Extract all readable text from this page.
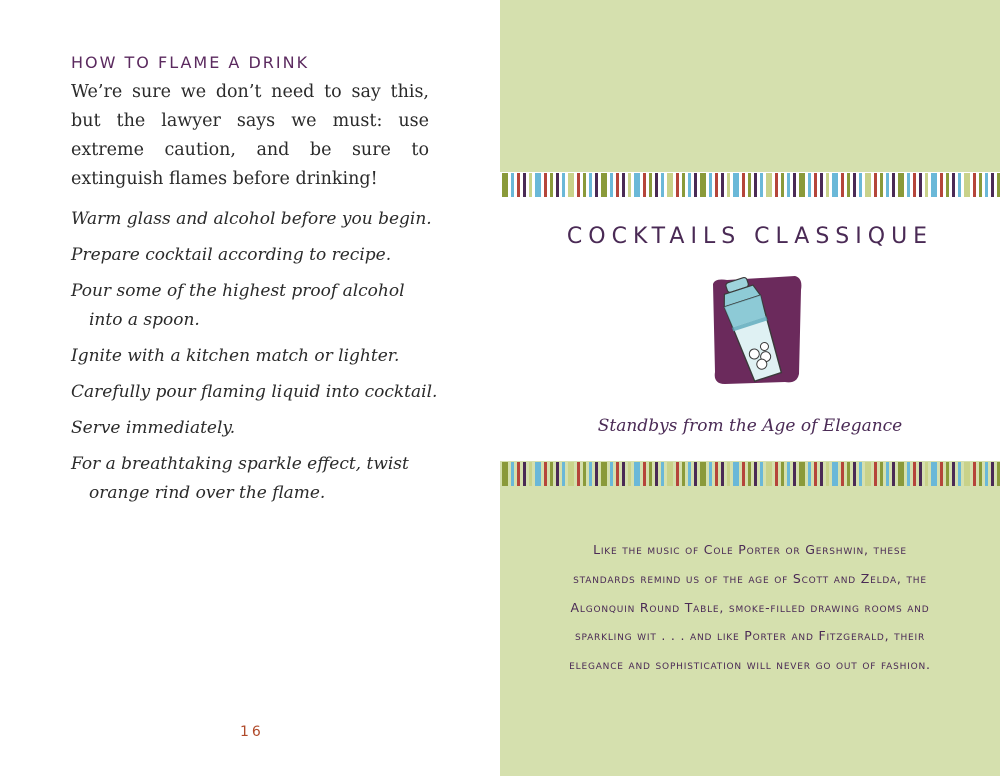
HOW TO FLAME A DRINK

We’re sure we don’t need to say this, but the lawyer says we must: use extreme caution, and be sure to extinguish flames before drinking!

Warm glass and alcohol before you begin.
Prepare cocktail according to recipe.
Pour some of the highest proof alcohol into a spoon.
Ignite with a kitchen match or lighter.
Carefully pour flaming liquid into cocktail.
Serve immediately.
For a breathtaking sparkle effect, twist orange rind over the flame.
16
COCKTAILS CLASSIQUE
Standbys from the Age of Elegance

Like the music of Cole Porter or Gershwin, these standards remind us of the age of Scott and Zelda, the Algonquin Round Table, smoke-filled drawing rooms and sparkling wit . . . and like Porter and Fitzgerald, their elegance and sophistication will never go out of fashion.
